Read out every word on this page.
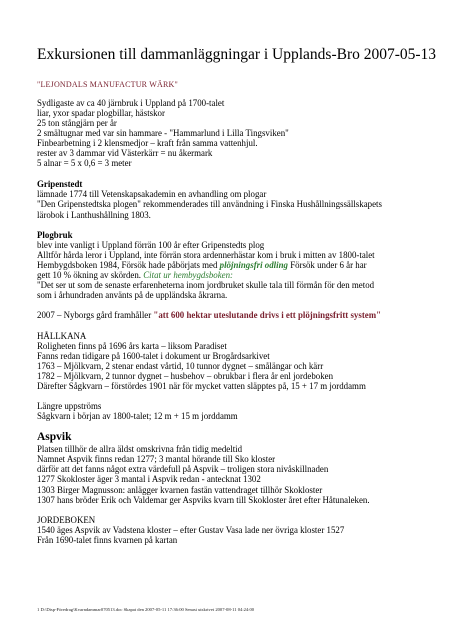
Exkursionen till dammanläggningar i Upplands-Bro 2007-05-13
"LEJONDALS MANUFACTUR WÄRK"
Sydligaste av ca 40 järnbruk i Uppland på 1700-talet
liar, yxor spadar plogbillar, hästskor
25 ton stångjärn per år
2 smältugnar med var sin hammare - "Hammarlund i Lilla Tingsviken"
Finbearbetning i 2 klensmedjor – kraft från samma vattenhjul.
rester av 3 dammar vid Västerkärr = nu åkermark
5 alnar = 5 x 0,6 = 3 meter
Gripenstedt
lämnade 1774 till Vetenskapsakademin en avhandling om plogar
"Den Gripenstedtska plogen" rekommenderades till användning i Finska Hushållningssällskapets
lärobok i Lanthushållning 1803.
Plogbruk
blev inte vanligt i Uppland förrän 100 år efter Gripenstedts plog
Alltför hårda leror i Uppland, inte förrän stora ardennerhästar kom i bruk i mitten av 1800-talet
Hembygdsboken 1984, Försök hade påbörjats med plöjningsfri odling Försök under 6 år har
gett 10 % ökning av skörden. Citat ur hembygdsboken:
"Det ser ut som de senaste erfarenheterna inom jordbruket skulle tala till förmån för den metod
som i århundraden använts på de uppländska åkrarna.
2007 – Nyborgs gård framhåller "att 600 hektar uteslutande drivs i ett plöjningsfritt system"
HÅLLKANA
Roligheten finns på 1696 års karta – liksom Paradiset
Fanns redan tidigare på 1600-talet i dokument ur Brogårdsarkivet
1763 – Mjölkvarn, 2 stenar endast vårtid, 10 tunnor dygnet – smålängar och kärr
1782 – Mjölkvarn, 2 tunnor dygnet – husbehov – obrukbar i flera år enl jordeboken
Därefter Sågkvarn – förstördes 1901 när för mycket vatten släpptes på, 15 + 17 m jorddamm
Längre uppströms
Sågkvarn i början av 1800-talet; 12 m + 15 m jorddamm
Aspvik
Platsen tillhör de allra äldst omskrivna från tidig medeltid
Namnet Aspvik finns redan 1277; 3 mantal hörande till Sko kloster
därför att det fanns något extra värdefull på Aspvik – troligen stora nivåskillnaden
1277 Skokloster äger 3 mantal i Aspvik redan - antecknat 1302
1303 Birger Magnusson: anlägger kvarnen fastän vattendraget tillhör Skokloster
1307 hans bröder Erik och Valdemar ger Aspviks kvarn till Skokloster året efter Håtunaleken.
JORDEBOKEN
1540 äges Aspvik av Vadstena kloster – efter Gustav Vasa lade ner övriga kloster 1527
Från 1690-talet finns kvarnen på kartan
1 D:\Disp-Föredrag\Kvarndammar070513.doc Skapat den 2007-05-11 17:36:00 Senast utskrivet 2007-08-11 04:24:00
